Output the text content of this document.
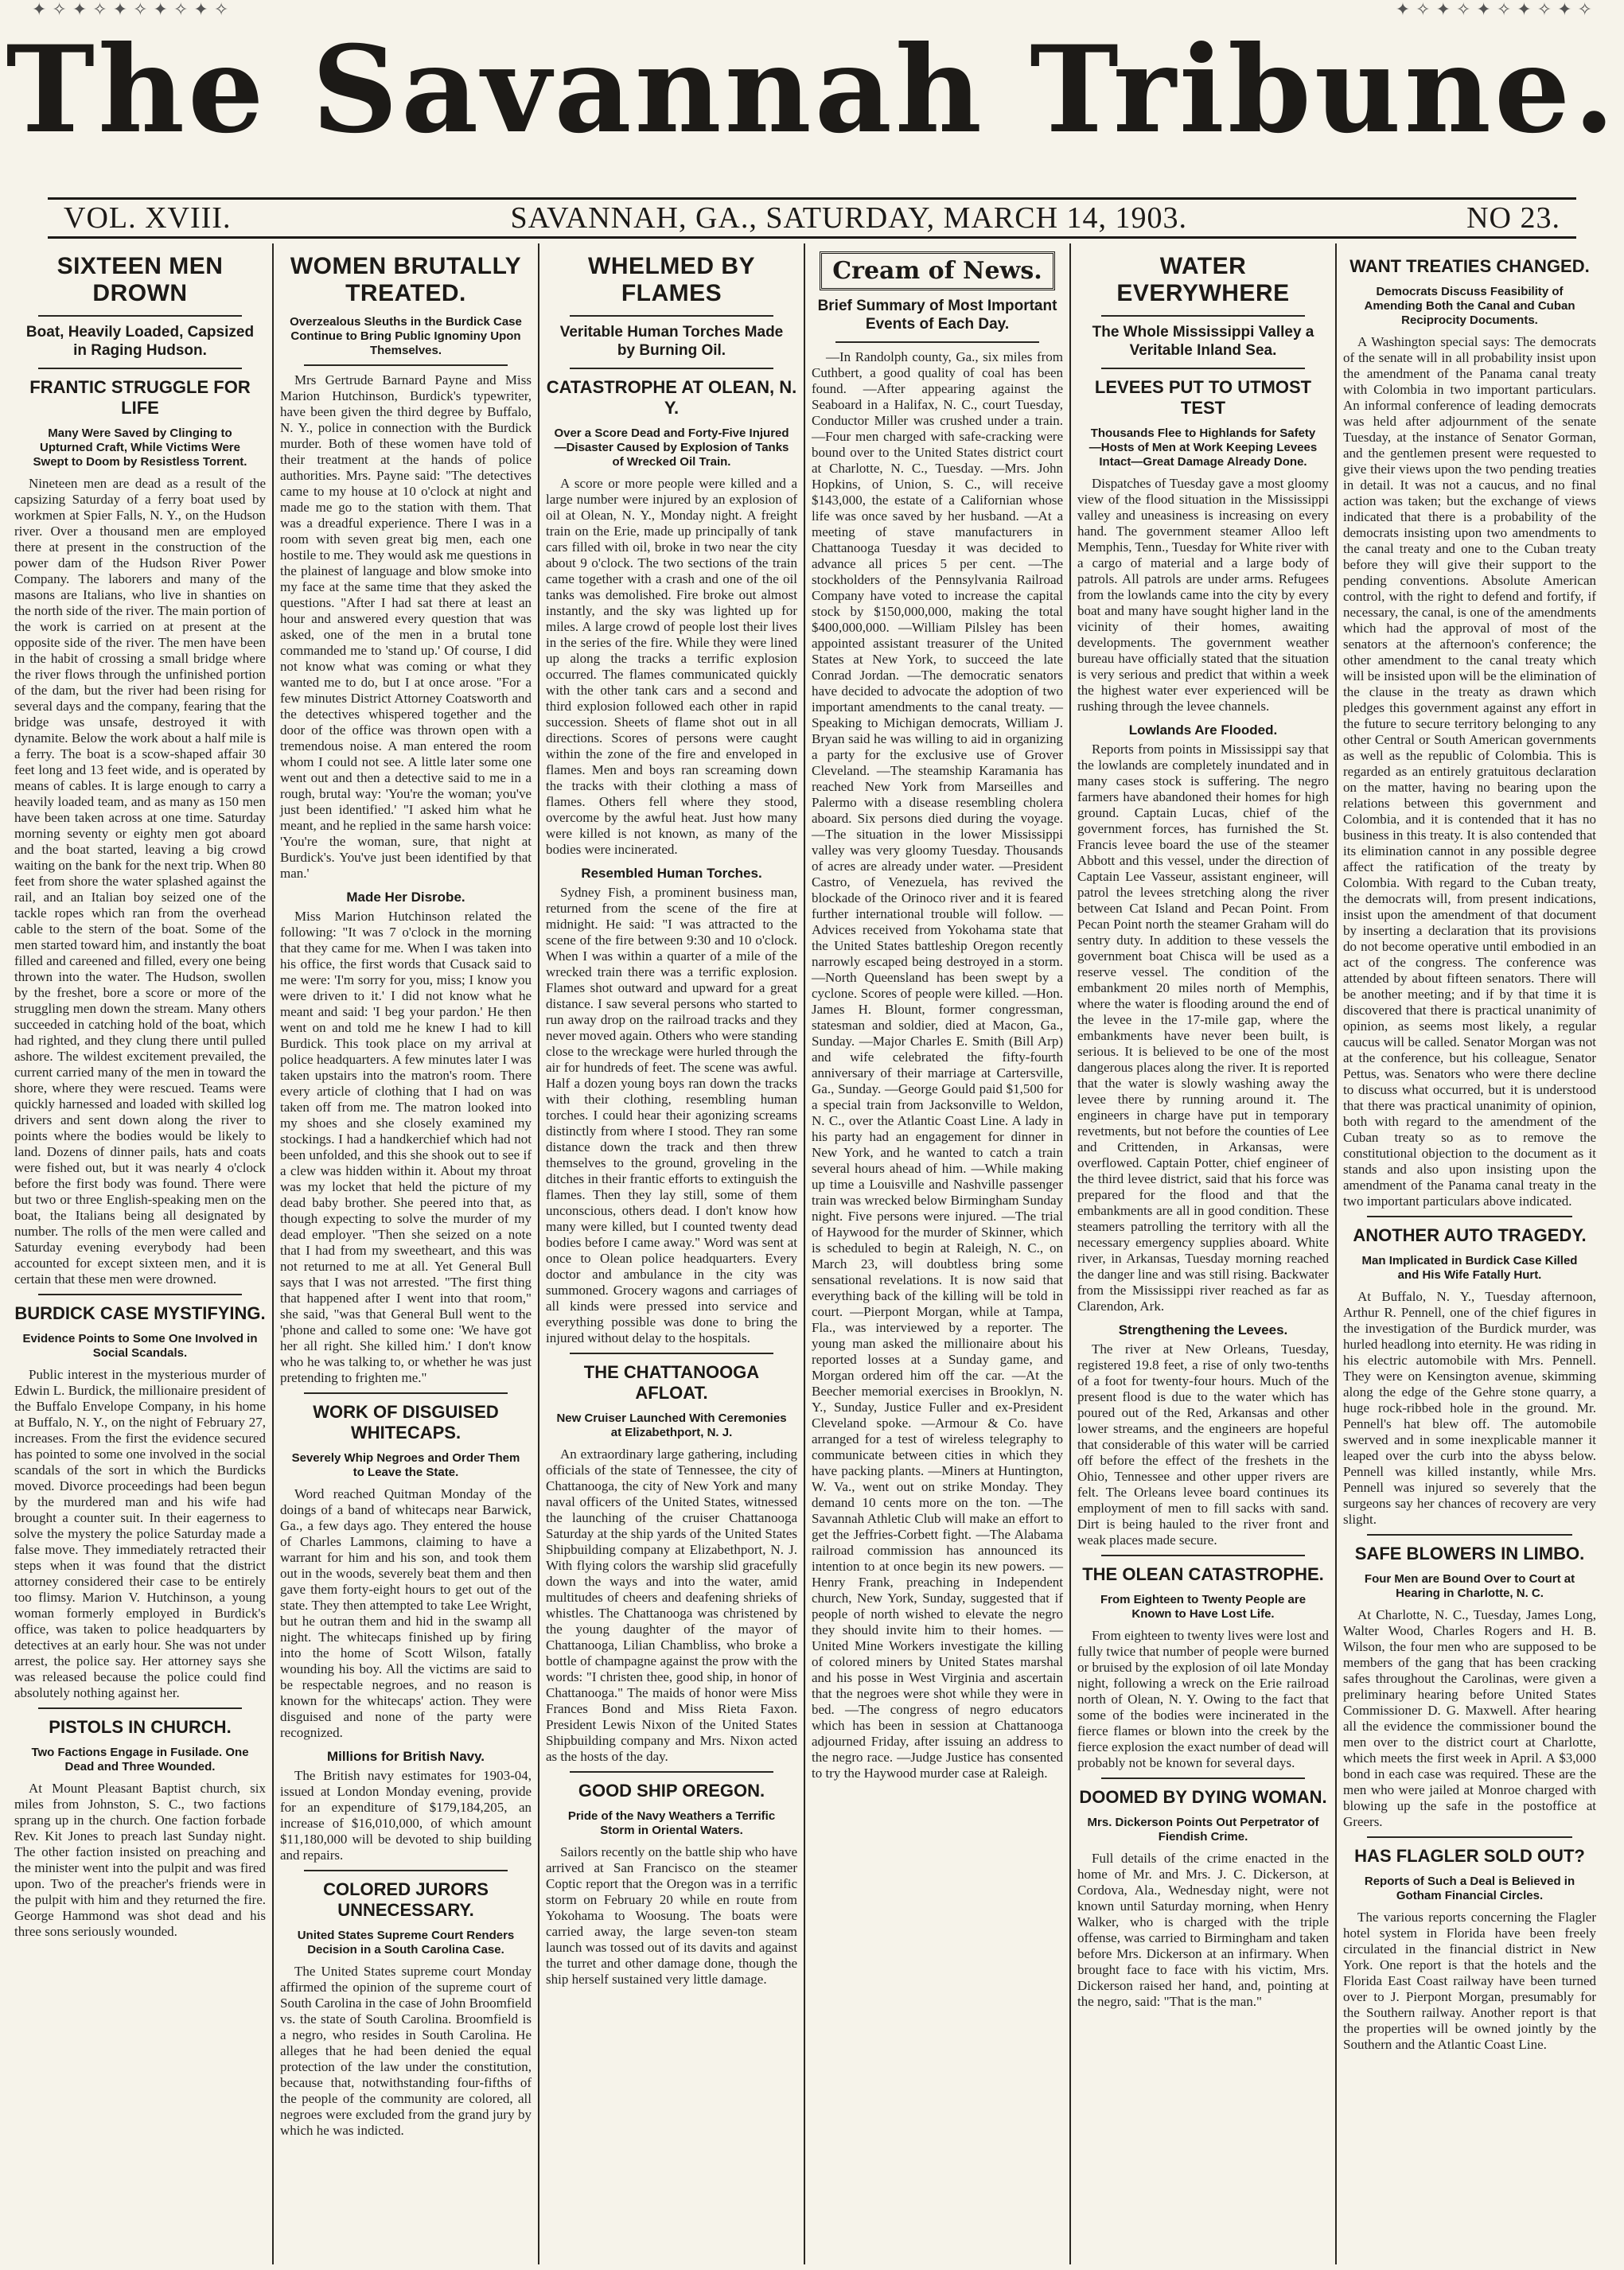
✦ ✧ ✦ ✧ ✦ ✧ ✦ ✧ ✦ ✧	✦ ✧ ✦ ✧ ✦ ✧ ✦ ✧ ✦ ✧
The Savannah Tribune.
VOL. XVIII.	SAVANNAH, GA., SATURDAY, MARCH 14, 1903.	NO 23.
SIXTEEN MEN DROWN
Boat, Heavily Loaded, Capsized in Raging Hudson.
FRANTIC STRUGGLE FOR LIFE
Many Were Saved by Clinging to Upturned Craft, While Victims Were Swept to Doom by Resistless Torrent.

Nineteen men are dead as a result of the capsizing Saturday of a ferry boat used by workmen at Spier Falls, N. Y., on the Hudson river. Over a thousand men are employed there at present in the construction of the power dam of the Hudson River Power Company. The laborers and many of the masons are Italians, who live in shanties on the north side of the river. The main portion of the work is carried on at present at the opposite side of the river. The men have been in the habit of crossing a small bridge where the river flows through the unfinished portion of the dam, but the river had been rising for several days and the company, fearing that the bridge was unsafe, destroyed it with dynamite. Below the work about a half mile is a ferry. The boat is a scow-shaped affair 30 feet long and 13 feet wide, and is operated by means of cables. It is large enough to carry a heavily loaded team, and as many as 150 men have been taken across at one time. Saturday morning seventy or eighty men got aboard and the boat started, leaving a big crowd waiting on the bank for the next trip. When 80 feet from shore the water splashed against the rail, and an Italian boy seized one of the tackle ropes which ran from the overhead cable to the stern of the boat. Some of the men started toward him, and instantly the boat filled and careened and filled, every one being thrown into the water. The Hudson, swollen by the freshet, bore a score or more of the struggling men down the stream. Many others succeeded in catching hold of the boat, which had righted, and they clung there until pulled ashore. The wildest excitement prevailed, the current carried many of the men in toward the shore, where they were rescued. Teams were quickly harnessed and loaded with skilled log drivers and sent down along the river to points where the bodies would be likely to land. Dozens of dinner pails, hats and coats were fished out, but it was nearly 4 o'clock before the first body was found. There were but two or three English-speaking men on the boat, the Italians being all designated by number. The rolls of the men were called and Saturday evening everybody had been accounted for except sixteen men, and it is certain that these men were drowned.

BURDICK CASE MYSTIFYING.
Evidence Points to Some One Involved in Social Scandals.

Public interest in the mysterious murder of Edwin L. Burdick, the millionaire president of the Buffalo Envelope Company, in his home at Buffalo, N. Y., on the night of February 27, increases. From the first the evidence secured has pointed to some one involved in the social scandals of the sort in which the Burdicks moved. Divorce proceedings had been begun by the murdered man and his wife had brought a counter suit. In their eagerness to solve the mystery the police Saturday made a false move. They immediately retracted their steps when it was found that the district attorney considered their case to be entirely too flimsy. Marion V. Hutchinson, a young woman formerly employed in Burdick's office, was taken to police headquarters by detectives at an early hour. She was not under arrest, the police say. Her attorney says she was released because the police could find absolutely nothing against her.

PISTOLS IN CHURCH.
Two Factions Engage in Fusilade. One Dead and Three Wounded.

At Mount Pleasant Baptist church, six miles from Johnston, S. C., two factions sprang up in the church. One faction forbade Rev. Kit Jones to preach last Sunday night. The other faction insisted on preaching and the minister went into the pulpit and was fired upon. Two of the preacher's friends were in the pulpit with him and they returned the fire. George Hammond was shot dead and his three sons seriously wounded.

WOMEN BRUTALLY TREATED.
Overzealous Sleuths in the Burdick Case Continue to Bring Public Ignominy Upon Themselves.

Mrs Gertrude Barnard Payne and Miss Marion Hutchinson, Burdick's typewriter, have been given the third degree by Buffalo, N. Y., police in connection with the Burdick murder. Both of these women have told of their treatment at the hands of police authorities. Mrs. Payne said: "The detectives came to my house at 10 o'clock at night and made me go to the station with them. That was a dreadful experience. There I was in a room with seven great big men, each one hostile to me. They would ask me questions in the plainest of language and blow smoke into my face at the same time that they asked the questions. "After I had sat there at least an hour and answered every question that was asked, one of the men in a brutal tone commanded me to 'stand up.' Of course, I did not know what was coming or what they wanted me to do, but I at once arose. "For a few minutes District Attorney Coatsworth and the detectives whispered together and the door of the office was thrown open with a tremendous noise. A man entered the room whom I could not see. A little later some one went out and then a detective said to me in a rough, brutal way: 'You're the woman; you've just been identified.' "I asked him what he meant, and he replied in the same harsh voice: 'You're the woman, sure, that night at Burdick's. You've just been identified by that man.'

Made Her Disrobe.

Miss Marion Hutchinson related the following: "It was 7 o'clock in the morning that they came for me. When I was taken into his office, the first words that Cusack said to me were: 'I'm sorry for you, miss; I know you were driven to it.' I did not know what he meant and said: 'I beg your pardon.' He then went on and told me he knew I had to kill Burdick. This took place on my arrival at police headquarters. A few minutes later I was taken upstairs into the matron's room. There every article of clothing that I had on was taken off from me. The matron looked into my shoes and she closely examined my stockings. I had a handkerchief which had not been unfolded, and this she shook out to see if a clew was hidden within it. About my throat was my locket that held the picture of my dead baby brother. She peered into that, as though expecting to solve the murder of my dead employer. "Then she seized on a note that I had from my sweetheart, and this was not returned to me at all. Yet General Bull says that I was not arrested. "The first thing that happened after I went into that room," she said, "was that General Bull went to the 'phone and called to some one: 'We have got her all right. She killed him.' I don't know who he was talking to, or whether he was just pretending to frighten me."

WORK OF DISGUISED WHITECAPS.
Severely Whip Negroes and Order Them to Leave the State.

Word reached Quitman Monday of the doings of a band of whitecaps near Barwick, Ga., a few days ago. They entered the house of Charles Lammons, claiming to have a warrant for him and his son, and took them out in the woods, severely beat them and then gave them forty-eight hours to get out of the state. They then attempted to take Lee Wright, but he outran them and hid in the swamp all night. The whitecaps finished up by firing into the home of Scott Wilson, fatally wounding his boy. All the victims are said to be respectable negroes, and no reason is known for the whitecaps' action. They were disguised and none of the party were recognized.

Millions for British Navy.

The British navy estimates for 1903-04, issued at London Monday evening, provide for an expenditure of $179,184,205, an increase of $16,010,000, of which amount $11,180,000 will be devoted to ship building and repairs.

COLORED JURORS UNNECESSARY.
United States Supreme Court Renders Decision in a South Carolina Case.

The United States supreme court Monday affirmed the opinion of the supreme court of South Carolina in the case of John Broomfield vs. the state of South Carolina. Broomfield is a negro, who resides in South Carolina. He alleges that he had been denied the equal protection of the law under the constitution, because that, notwithstanding four-fifths of the people of the community are colored, all negroes were excluded from the grand jury by which he was indicted.

WHELMED BY FLAMES
Veritable Human Torches Made by Burning Oil.
CATASTROPHE AT OLEAN, N. Y.
Over a Score Dead and Forty-Five Injured—Disaster Caused by Explosion of Tanks of Wrecked Oil Train.

A score or more people were killed and a large number were injured by an explosion of oil at Olean, N. Y., Monday night. A freight train on the Erie, made up principally of tank cars filled with oil, broke in two near the city about 9 o'clock. The two sections of the train came together with a crash and one of the oil tanks was demolished. Fire broke out almost instantly, and the sky was lighted up for miles. A large crowd of people lost their lives in the series of the fire. While they were lined up along the tracks a terrific explosion occurred. The flames communicated quickly with the other tank cars and a second and third explosion followed each other in rapid succession. Sheets of flame shot out in all directions. Scores of persons were caught within the zone of the fire and enveloped in flames. Men and boys ran screaming down the tracks with their clothing a mass of flames. Others fell where they stood, overcome by the awful heat. Just how many were killed is not known, as many of the bodies were incinerated.

Resembled Human Torches.

Sydney Fish, a prominent business man, returned from the scene of the fire at midnight. He said: "I was attracted to the scene of the fire between 9:30 and 10 o'clock. When I was within a quarter of a mile of the wrecked train there was a terrific explosion. Flames shot outward and upward for a great distance. I saw several persons who started to run away drop on the railroad tracks and they never moved again. Others who were standing close to the wreckage were hurled through the air for hundreds of feet. The scene was awful. Half a dozen young boys ran down the tracks with their clothing, resembling human torches. I could hear their agonizing screams distinctly from where I stood. They ran some distance down the track and then threw themselves to the ground, groveling in the ditches in their frantic efforts to extinguish the flames. Then they lay still, some of them unconscious, others dead. I don't know how many were killed, but I counted twenty dead bodies before I came away." Word was sent at once to Olean police headquarters. Every doctor and ambulance in the city was summoned. Grocery wagons and carriages of all kinds were pressed into service and everything possible was done to bring the injured without delay to the hospitals.

THE CHATTANOOGA AFLOAT.
New Cruiser Launched With Ceremonies at Elizabethport, N. J.

An extraordinary large gathering, including officials of the state of Tennessee, the city of Chattanooga, the city of New York and many naval officers of the United States, witnessed the launching of the cruiser Chattanooga Saturday at the ship yards of the United States Shipbuilding company at Elizabethport, N. J. With flying colors the warship slid gracefully down the ways and into the water, amid multitudes of cheers and deafening shrieks of whistles. The Chattanooga was christened by the young daughter of the mayor of Chattanooga, Lilian Chambliss, who broke a bottle of champagne against the prow with the words: "I christen thee, good ship, in honor of Chattanooga." The maids of honor were Miss Frances Bond and Miss Rieta Faxon. President Lewis Nixon of the United States Shipbuilding company and Mrs. Nixon acted as the hosts of the day.

GOOD SHIP OREGON.
Pride of the Navy Weathers a Terrific Storm in Oriental Waters.

Sailors recently on the battle ship who have arrived at San Francisco on the steamer Coptic report that the Oregon was in a terrific storm on February 20 while en route from Yokohama to Woosung. The boats were carried away, the large seven-ton steam launch was tossed out of its davits and against the turret and other damage done, though the ship herself sustained very little damage.

Cream of News.
Brief Summary of Most Important Events of Each Day.

—In Randolph county, Ga., six miles from Cuthbert, a good quality of coal has been found. —After appearing against the Seaboard in a Halifax, N. C., court Tuesday, Conductor Miller was crushed under a train. —Four men charged with safe-cracking were bound over to the United States district court at Charlotte, N. C., Tuesday. —Mrs. John Hopkins, of Union, S. C., will receive $143,000, the estate of a Californian whose life was once saved by her husband. —At a meeting of stave manufacturers in Chattanooga Tuesday it was decided to advance all prices 5 per cent. —The stockholders of the Pennsylvania Railroad Company have voted to increase the capital stock by $150,000,000, making the total $400,000,000. —William Pilsley has been appointed assistant treasurer of the United States at New York, to succeed the late Conrad Jordan. —The democratic senators have decided to advocate the adoption of two important amendments to the canal treaty. —Speaking to Michigan democrats, William J. Bryan said he was willing to aid in organizing a party for the exclusive use of Grover Cleveland. —The steamship Karamania has reached New York from Marseilles and Palermo with a disease resembling cholera aboard. Six persons died during the voyage. —The situation in the lower Mississippi valley was very gloomy Tuesday. Thousands of acres are already under water. —President Castro, of Venezuela, has revived the blockade of the Orinoco river and it is feared further international trouble will follow. —Advices received from Yokohama state that the United States battleship Oregon recently narrowly escaped being destroyed in a storm. —North Queensland has been swept by a cyclone. Scores of people were killed. —Hon. James H. Blount, former congressman, statesman and soldier, died at Macon, Ga., Sunday. —Major Charles E. Smith (Bill Arp) and wife celebrated the fifty-fourth anniversary of their marriage at Cartersville, Ga., Sunday. —George Gould paid $1,500 for a special train from Jacksonville to Weldon, N. C., over the Atlantic Coast Line. A lady in his party had an engagement for dinner in New York, and he wanted to catch a train several hours ahead of him. —While making up time a Louisville and Nashville passenger train was wrecked below Birmingham Sunday night. Five persons were injured. —The trial of Haywood for the murder of Skinner, which is scheduled to begin at Raleigh, N. C., on March 23, will doubtless bring some sensational revelations. It is now said that everything back of the killing will be told in court. —Pierpont Morgan, while at Tampa, Fla., was interviewed by a reporter. The young man asked the millionaire about his reported losses at a Sunday game, and Morgan ordered him off the car. —At the Beecher memorial exercises in Brooklyn, N. Y., Sunday, Justice Fuller and ex-President Cleveland spoke. —Armour & Co. have arranged for a test of wireless telegraphy to communicate between cities in which they have packing plants. —Miners at Huntington, W. Va., went out on strike Monday. They demand 10 cents more on the ton. —The Savannah Athletic Club will make an effort to get the Jeffries-Corbett fight. —The Alabama railroad commission has announced its intention to at once begin its new powers. —Henry Frank, preaching in Independent church, New York, Sunday, suggested that if people of north wished to elevate the negro they should invite him to their homes. —United Mine Workers investigate the killing of colored miners by United States marshal and his posse in West Virginia and ascertain that the negroes were shot while they were in bed. —The congress of negro educators which has been in session at Chattanooga adjourned Friday, after issuing an address to the negro race. —Judge Justice has consented to try the Haywood murder case at Raleigh.

WATER EVERYWHERE
The Whole Mississippi Valley a Veritable Inland Sea.
LEVEES PUT TO UTMOST TEST
Thousands Flee to Highlands for Safety—Hosts of Men at Work Keeping Levees Intact—Great Damage Already Done.

Dispatches of Tuesday gave a most gloomy view of the flood situation in the Mississippi valley and uneasiness is increasing on every hand. The government steamer Alloo left Memphis, Tenn., Tuesday for White river with a cargo of material and a large body of patrols. All patrols are under arms. Refugees from the lowlands came into the city by every boat and many have sought higher land in the vicinity of their homes, awaiting developments. The government weather bureau have officially stated that the situation is very serious and predict that within a week the highest water ever experienced will be rushing through the levee channels.

Lowlands Are Flooded.

Reports from points in Mississippi say that the lowlands are completely inundated and in many cases stock is suffering. The negro farmers have abandoned their homes for high ground. Captain Lucas, chief of the government forces, has furnished the St. Francis levee board the use of the steamer Abbott and this vessel, under the direction of Captain Lee Vasseur, assistant engineer, will patrol the levees stretching along the river between Cat Island and Pecan Point. From Pecan Point north the steamer Graham will do sentry duty. In addition to these vessels the government boat Chisca will be used as a reserve vessel. The condition of the embankment 20 miles north of Memphis, where the water is flooding around the end of the levee in the 17-mile gap, where the embankments have never been built, is serious. It is believed to be one of the most dangerous places along the river. It is reported that the water is slowly washing away the levee there by running around it. The engineers in charge have put in temporary revetments, but not before the counties of Lee and Crittenden, in Arkansas, were overflowed. Captain Potter, chief engineer of the third levee district, said that his force was prepared for the flood and that the embankments are all in good condition. These steamers patrolling the territory with all the necessary emergency supplies aboard. White river, in Arkansas, Tuesday morning reached the danger line and was still rising. Backwater from the Mississippi river reached as far as Clarendon, Ark.

Strengthening the Levees.

The river at New Orleans, Tuesday, registered 19.8 feet, a rise of only two-tenths of a foot for twenty-four hours. Much of the present flood is due to the water which has poured out of the Red, Arkansas and other lower streams, and the engineers are hopeful that considerable of this water will be carried off before the effect of the freshets in the Ohio, Tennessee and other upper rivers are felt. The Orleans levee board continues its employment of men to fill sacks with sand. Dirt is being hauled to the river front and weak places made secure.

THE OLEAN CATASTROPHE.
From Eighteen to Twenty People are Known to Have Lost Life.

From eighteen to twenty lives were lost and fully twice that number of people were burned or bruised by the explosion of oil late Monday night, following a wreck on the Erie railroad north of Olean, N. Y. Owing to the fact that some of the bodies were incinerated in the fierce flames or blown into the creek by the fierce explosion the exact number of dead will probably not be known for several days.

DOOMED BY DYING WOMAN.
Mrs. Dickerson Points Out Perpetrator of Fiendish Crime.

Full details of the crime enacted in the home of Mr. and Mrs. J. C. Dickerson, at Cordova, Ala., Wednesday night, were not known until Saturday morning, when Henry Walker, who is charged with the triple offense, was carried to Birmingham and taken before Mrs. Dickerson at an infirmary. When brought face to face with his victim, Mrs. Dickerson raised her hand, and, pointing at the negro, said: "That is the man."

WANT TREATIES CHANGED.
Democrats Discuss Feasibility of Amending Both the Canal and Cuban Reciprocity Documents.

A Washington special says: The democrats of the senate will in all probability insist upon the amendment of the Panama canal treaty with Colombia in two important particulars. An informal conference of leading democrats was held after adjournment of the senate Tuesday, at the instance of Senator Gorman, and the gentlemen present were requested to give their views upon the two pending treaties in detail. It was not a caucus, and no final action was taken; but the exchange of views indicated that there is a probability of the democrats insisting upon two amendments to the canal treaty and one to the Cuban treaty before they will give their support to the pending conventions. Absolute American control, with the right to defend and fortify, if necessary, the canal, is one of the amendments which had the approval of most of the senators at the afternoon's conference; the other amendment to the canal treaty which will be insisted upon will be the elimination of the clause in the treaty as drawn which pledges this government against any effort in the future to secure territory belonging to any other Central or South American governments as well as the republic of Colombia. This is regarded as an entirely gratuitous declaration on the matter, having no bearing upon the relations between this government and Colombia, and it is contended that it has no business in this treaty. It is also contended that its elimination cannot in any possible degree affect the ratification of the treaty by Colombia. With regard to the Cuban treaty, the democrats will, from present indications, insist upon the amendment of that document by inserting a declaration that its provisions do not become operative until embodied in an act of the congress. The conference was attended by about fifteen senators. There will be another meeting; and if by that time it is discovered that there is practical unanimity of opinion, as seems most likely, a regular caucus will be called. Senator Morgan was not at the conference, but his colleague, Senator Pettus, was. Senators who were there decline to discuss what occurred, but it is understood that there was practical unanimity of opinion, both with regard to the amendment of the Cuban treaty so as to remove the constitutional objection to the document as it stands and also upon insisting upon the amendment of the Panama canal treaty in the two important particulars above indicated.

ANOTHER AUTO TRAGEDY.
Man Implicated in Burdick Case Killed and His Wife Fatally Hurt.

At Buffalo, N. Y., Tuesday afternoon, Arthur R. Pennell, one of the chief figures in the investigation of the Burdick murder, was hurled headlong into eternity. He was riding in his electric automobile with Mrs. Pennell. They were on Kensington avenue, skimming along the edge of the Gehre stone quarry, a huge rock-ribbed hole in the ground. Mr. Pennell's hat blew off. The automobile swerved and in some inexplicable manner it leaped over the curb into the abyss below. Pennell was killed instantly, while Mrs. Pennell was injured so severely that the surgeons say her chances of recovery are very slight.

SAFE BLOWERS IN LIMBO.
Four Men are Bound Over to Court at Hearing in Charlotte, N. C.

At Charlotte, N. C., Tuesday, James Long, Walter Wood, Charles Rogers and H. B. Wilson, the four men who are supposed to be members of the gang that has been cracking safes throughout the Carolinas, were given a preliminary hearing before United States Commissioner D. G. Maxwell. After hearing all the evidence the commissioner bound the men over to the district court at Charlotte, which meets the first week in April. A $3,000 bond in each case was required. These are the men who were jailed at Monroe charged with blowing up the safe in the postoffice at Greers.

HAS FLAGLER SOLD OUT?
Reports of Such a Deal is Believed in Gotham Financial Circles.

The various reports concerning the Flagler hotel system in Florida have been freely circulated in the financial district in New York. One report is that the hotels and the Florida East Coast railway have been turned over to J. Pierpont Morgan, presumably for the Southern railway. Another report is that the properties will be owned jointly by the Southern and the Atlantic Coast Line.
